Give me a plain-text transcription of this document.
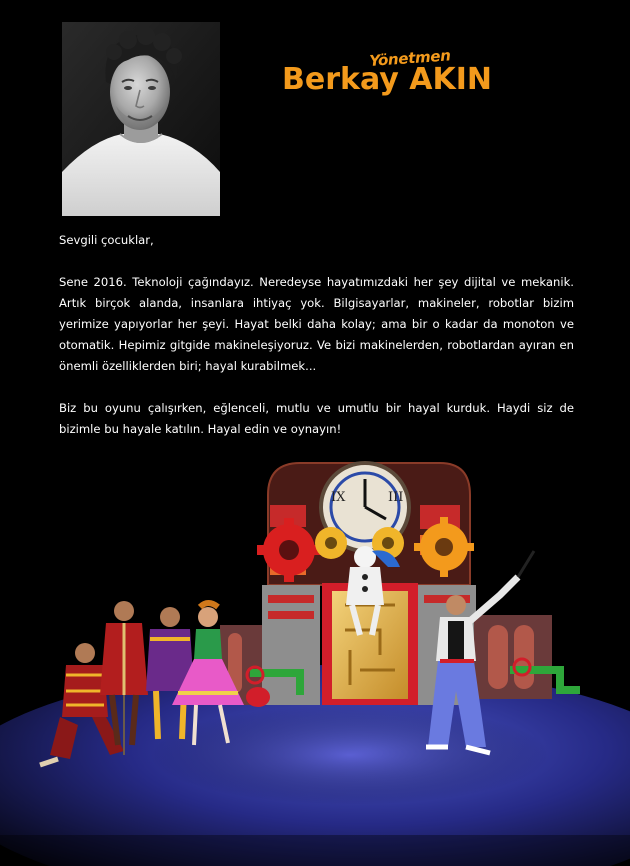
Yönetmen
Berkay AKIN

Sevgili çocuklar,

Sene 2016. Teknoloji çağındayız. Neredeyse hayatımızdaki her şey dijital ve mekanik. Artık birçok alanda, insanlara ihtiyaç yok. Bilgisayarlar, makineler, robotlar bizim yerimize yapıyorlar her şeyi. Hayat belki daha kolay; ama bir o kadar da monoton ve otomatik. Hepimiz gitgide makineleşiyoruz. Ve bizi makinelerden, robotlardan ayıran en önemli özelliklerden biri; hayal kurabilmek...

Biz bu oyunu çalışırken, eğlenceli, mutlu ve umutlu bir hayal kurduk. Haydi siz de bizimle bu hayale katılın. Hayal edin ve oynayın!

IX	III
